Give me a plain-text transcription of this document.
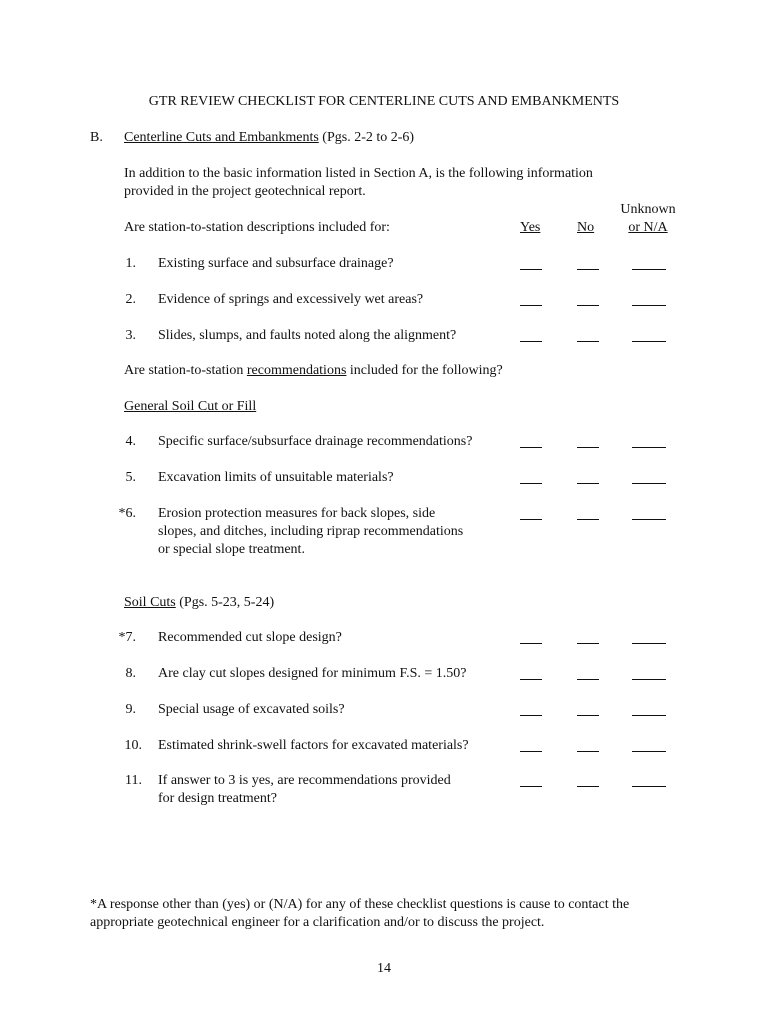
GTR REVIEW CHECKLIST FOR CENTERLINE CUTS AND EMBANKMENTS
B. Centerline Cuts and Embankments (Pgs. 2-2 to 2-6)
In addition to the basic information listed in Section A, is the following information
provided in the project geotechnical report.
Unknown
or N/A
Yes	No
Are station-to-station descriptions included for:
1. Existing surface and subsurface drainage?
2. Evidence of springs and excessively wet areas?
3. Slides, slumps, and faults noted along the alignment?
Are station-to-station recommendations included for the following?
General Soil Cut or Fill
4. Specific surface/subsurface drainage recommendations?
5. Excavation limits of unsuitable materials?
*6. Erosion protection measures for back slopes, side
slopes, and ditches, including riprap recommendations
or special slope treatment.
Soil Cuts (Pgs. 5-23, 5-24)
*7. Recommended cut slope design?
8. Are clay cut slopes designed for minimum F.S. = 1.50?
9. Special usage of excavated soils?
10. Estimated shrink-swell factors for excavated materials?
11. If answer to 3 is yes, are recommendations provided
for design treatment?
*A response other than (yes) or (N/A) for any of these checklist questions is cause to contact the
appropriate geotechnical engineer for a clarification and/or to discuss the project.
14
